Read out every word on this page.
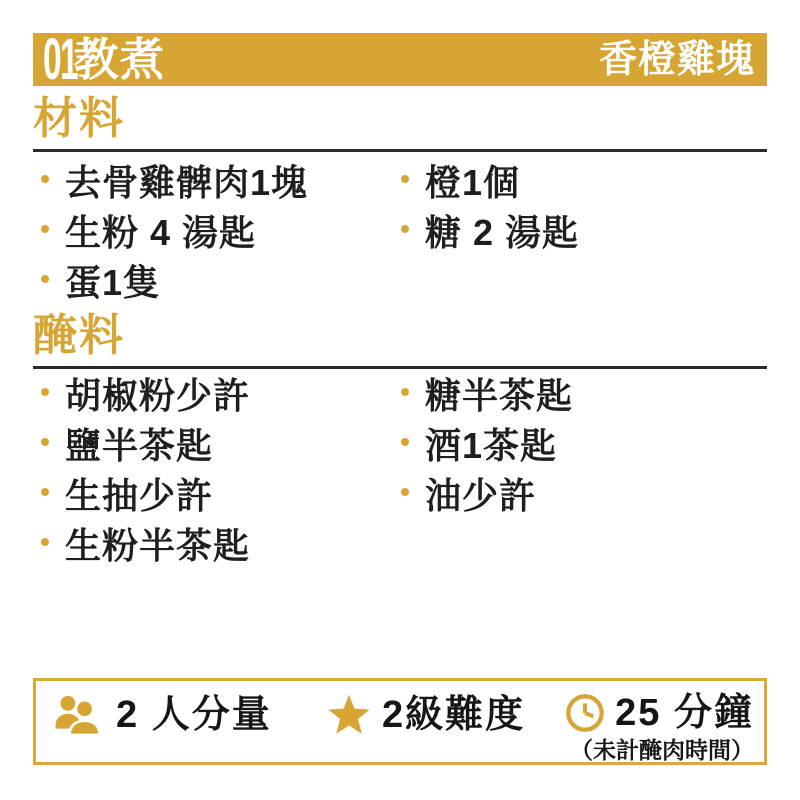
01
教煮	香橙雞塊
材料
去骨雞髀肉1塊
生粉 4 湯匙
蛋1隻
橙1個
糖 2 湯匙
醃料
胡椒粉少許
鹽半茶匙
生抽少許
生粉半茶匙
糖半茶匙
酒1茶匙
油少許
2 人分量	2級難度 25 分鐘
（未計醃肉時間）
